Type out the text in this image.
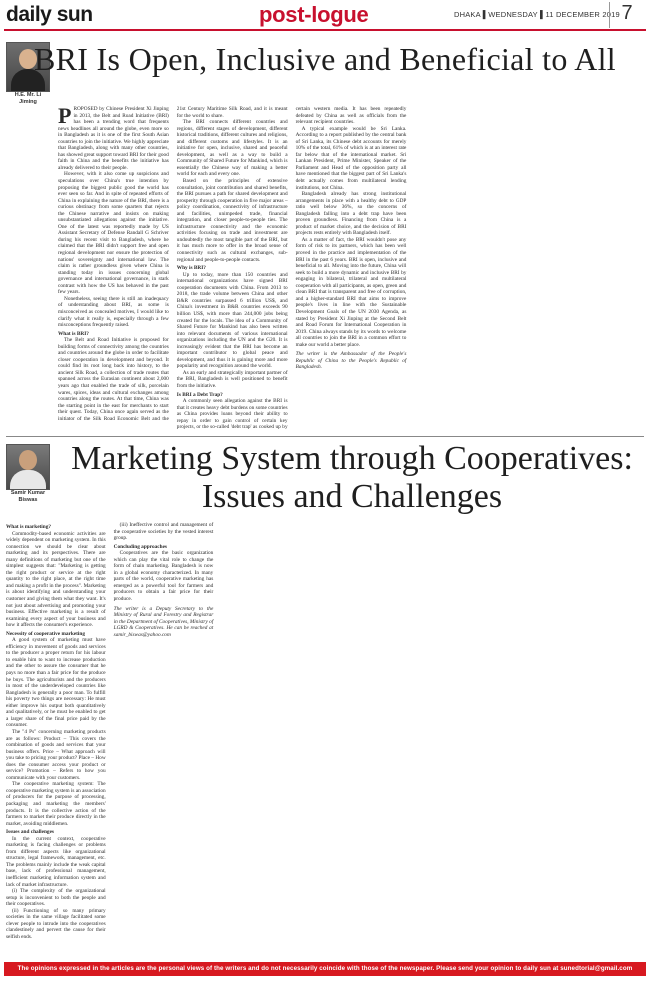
daily sun	post-logue	DHAKA ▌WEDNESDAY ▌11 DECEMBER 2019 7
H.E. Mr. Li Jiming
BRI Is Open, Inclusive and Beneficial to All

PROPOSED by Chinese President Xi Jinping in 2013, the Belt and Road Initiative (BRI) has been a trending word that frequents news headlines all around the globe, even more so in Bangladesh as it is one of the first South Asian countries to join the initiative. We highly appreciate that Bangladesh, along with many other countries, has showed great support toward BRI for their good faith in China and the benefits the initiative has already delivered to their people.

However, with it also come up suspicions and speculations over China's true intention by proposing the biggest public good the world has ever seen so far. And in spite of repeated efforts of China in explaining the nature of the BRI, there is a curious obstinacy from some quarters that rejects the Chinese narrative and insists on making unsubstantiated allegations against the initiative. One of the latest was reportedly made by US Assistant Secretary of Defense Randall G Schriver during his recent visit to Bangladesh, where he claimed that the BRI didn't support free and open regional development nor ensure the protection of nations' sovereignty and international law. The claim is rather groundless given where China is standing today in issues concerning global governance and international governance, in stark contrast with how the US has behaved in the past few years.

Nonetheless, seeing there is still an inadequacy of understanding about BRI, as some is misconceived as concealed motives, I would like to clarify what it really is, especially through a few misconceptions frequently raised.

What is BRI?

The Belt and Road Initiative is proposed for building forms of connectivity among the countries and countries around the globe in order to facilitate closer cooperation in development and beyond. It could find its root long back into history, to the ancient Silk Road, a collection of trade routes that spanned across the Eurasian continent about 2,000 years ago that enabled the trade of silk, porcelain wares, spices, ideas and cultural exchanges among countries along the routes. At that time, China was the starting point in the east for merchants to start their quest. Today, China once again served as the initiator of the Silk Road Economic Belt and the 21st Century Maritime Silk Road, and it is meant for the world to share.

The BRI connects different countries and regions, different stages of development, different historical traditions, different cultures and religions, and different customs and lifestyles. It is an initiative for open, inclusive, shared and peaceful development, as well as a way to build a Community of Shared Future for Mankind, which is essentially the Chinese way of making a better world for each and every one.

Based on the principles of extensive consultation, joint contribution and shared benefits, the BRI pursues a path for shared development and prosperity through cooperation in five major areas – policy coordination, connectivity of infrastructure and facilities, unimpeded trade, financial integration, and closer people-to-people ties. The infrastructure connectivity and the economic activities focusing on trade and investment are undoubtedly the most tangible part of the BRI, but it has much more to offer in the broad sense of connectivity such as cultural exchanges, sub-regional and people-to-people contacts.

Why is BRI?

Up to today, more than 150 countries and international organizations have signed BRI cooperation documents with China. From 2013 to 2018, the trade volume between China and other B&R countries surpassed 6 trillion US$, and China's investment in B&R countries exceeds 90 billion US$, with more than 244,000 jobs being created for the locals. The idea of a Community of Shared Future for Mankind has also been written into relevant documents of various international organizations including the UN and the G20. It is increasingly evident that the BRI has become an important contributor to global peace and development, and thus it is gaining more and more popularity and recognition around the world.

As an early and strategically important partner of the BRI, Bangladesh is well positioned to benefit from the initiative.

Is BRI a Debt Trap?

A commonly seen allegation against the BRI is that it creates heavy debt burdens on some countries as China provides loans beyond their ability to repay in order to gain control of certain key projects, or the so-called 'debt trap' as cooked up by certain western media. It has been repeatedly defeated by China as well as officials from the relevant recipient countries.

A typical example would be Sri Lanka. According to a report published by the central bank of Sri Lanka, its Chinese debt accounts for merely 10% of the total, 61% of which is at an interest rate far below that of the international market. Sri Lankan President, Prime Minister, Speaker of the Parliament and Head of the opposition party all have mentioned that the biggest part of Sri Lanka's debt actually comes from multilateral lending institutions, not China.

Bangladesh already has strong institutional arrangements in place with a healthy debt to GDP ratio well below 36%, so the concerns of Bangladesh falling into a debt trap have been proven groundless. Financing from China is a product of market choice, and the decision of BRI projects rests entirely with Bangladesh itself.

As a matter of fact, the BRI wouldn't pose any form of risk to its partners, which has been well proved in the practice and implementation of the BRI in the past 6 years. BRI is open, inclusive and beneficial to all. Moving into the future, China will seek to build a more dynamic and inclusive BRI by engaging in bilateral, trilateral and multilateral cooperation with all participants, as open, green and clean BRI that is transparent and free of corruption, and a higher-standard BRI that aims to improve people's lives in line with the Sustainable Development Goals of the UN 2030 Agenda, as stated by President Xi Jinping at the Second Belt and Road Forum for International Cooperation in 2019. China always stands by its words to welcome all countries to join the BRI in a common effort to make our world a better place.

The writer is the Ambassador of the People's Republic of China to the People's Republic of Bangladesh.

Samir Kumar Biswas
Marketing System through Cooperatives: Issues and Challenges

What is marketing?

Commodity-based economic activities are widely dependent on marketing system. In this connection we should be clear about marketing and its perspectives. There are many definitions of marketing but one of the simplest suggests that: "Marketing is getting the right product or service at the right quantity to the right place, at the right time and making a profit in the process". Marketing is about identifying and understanding your customer and giving them what they want. It's not just about advertising and promoting your business. Effective marketing is a result of examining every aspect of your business and how it affects the consumer's experience.

Necessity of cooperative marketing

A good system of marketing must have efficiency in movement of goods and services to the producer a proper return for his labour to enable him to want to increase production and the other to assure the consumer that he pays no more than a fair price for the produce he buys. The agriculturists and the producers in most of the underdeveloped countries like Bangladesh is generally a poor man. To fulfill his poverty two things are necessary: He must either improve his output both quantitatively and qualitatively, or he must be enabled to get a larger share of the final price paid by the consumer.

The "4 Ps" concerning marketing products are as follows: Product – This covers the combination of goods and services that your business offers. Price – What approach will you take to pricing your product? Place – How does the consumer access your product or service? Promotion – Refers to how you communicate with your customers.

The cooperative marketing system: The cooperative marketing system is an association of producers for the purpose of processing, packaging and marketing the members' products. It is the collective action of the farmers to market their produce directly in the market, avoiding middlemen.

Issues and challenges

In the current context, cooperative marketing is facing challenges or problems from different aspects like organizational structure, legal framework, management, etc. The problems mainly include the weak capital base, lack of professional management, inefficient marketing information system and lack of market infrastructure.

(i) The complexity of the organizational setup is inconvenient to both the people and their cooperatives.

(ii) Functioning of so many primary societies in the same village facilitated some clever people to intrude into the cooperatives clandestinely and pervert the cause for their selfish ends.

(iii) Ineffective control and management of the cooperative societies by the vested interest group.

Concluding approaches

Cooperatives are the basic organization which can play the vital role to change the form of chain marketing. Bangladesh is now in a global economy characterized. In many parts of the world, cooperative marketing has emerged as a powerful tool for farmers and producers to obtain a fair price for their produce.

The writer is a Deputy Secretary to the Ministry of Rural and Forestry and Registrar in the Department of Cooperatives, Ministry of LGRD & Cooperatives. He can be reached at samir_biswas@yahoo.com

The opinions expressed in the articles are the personal views of the writers and do not necessarily coincide with those of the newspaper. Please send your opinion to daily sun at sunedtorial@gmail.com
